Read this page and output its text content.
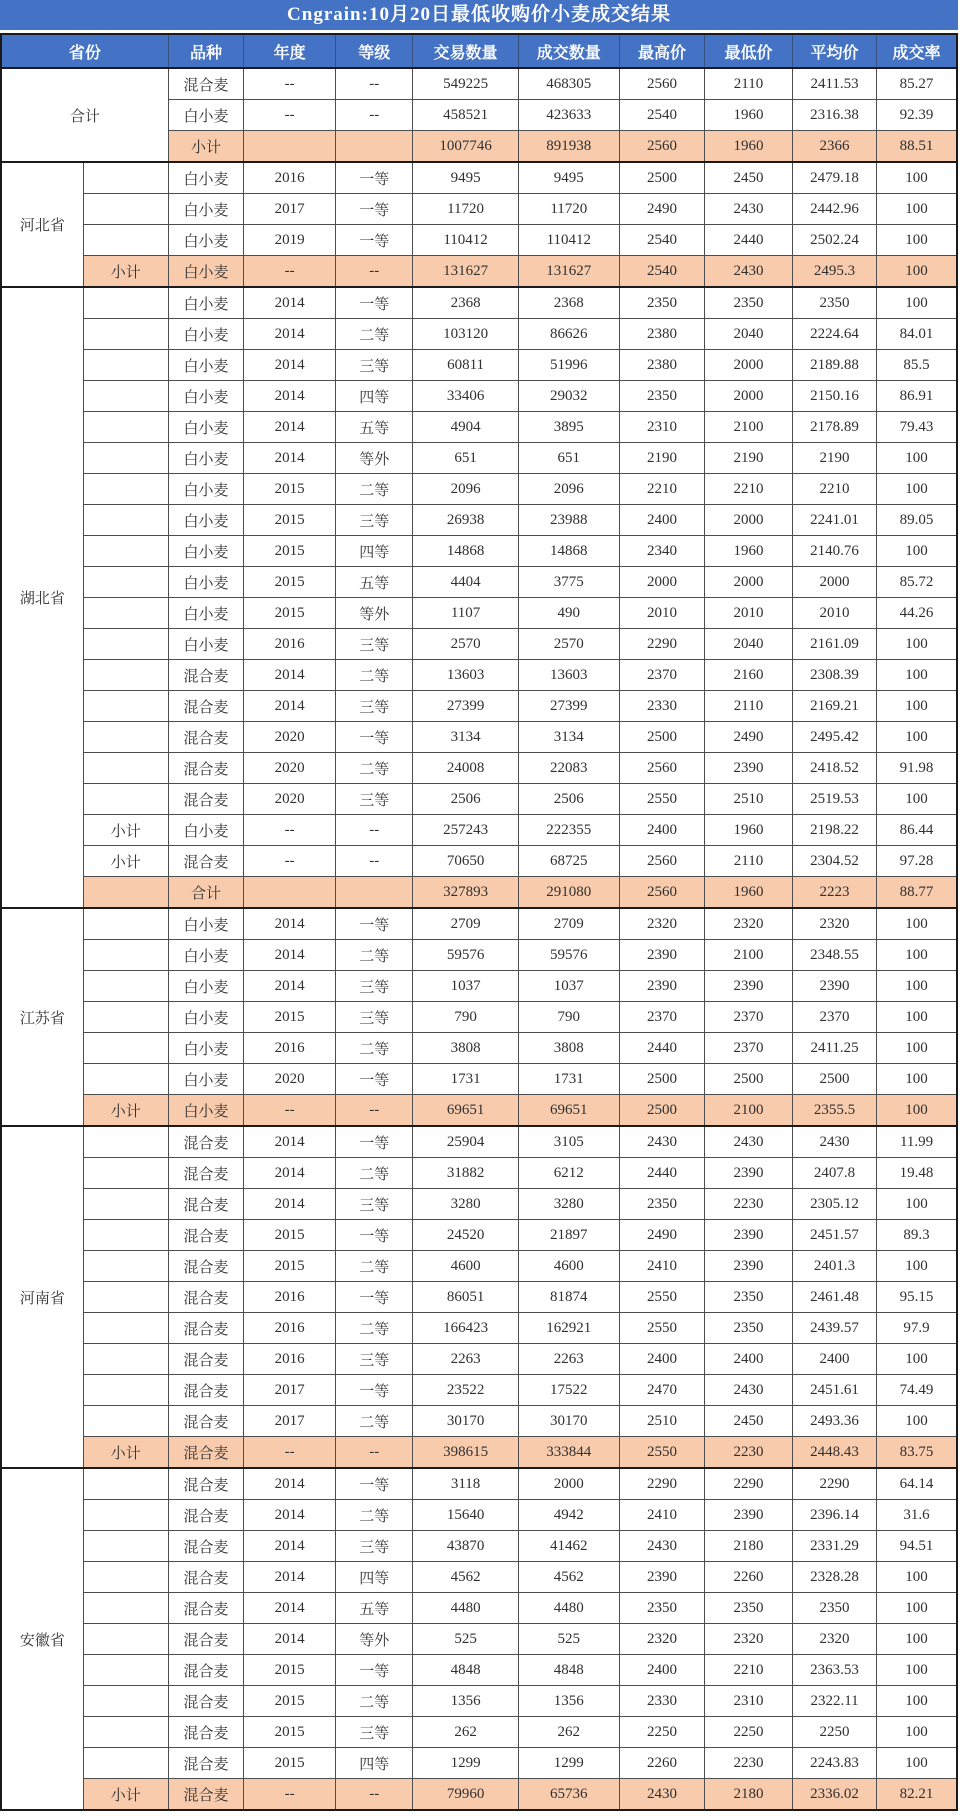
Cngrain:10月20日最低收购价小麦成交结果
省份		品种	年度	等级	交易数量	成交数量	最高价	最低价	平均价	成交率
合计		混合麦	--	--	549225	468305	2560	2110	2411.53	85.27
		白小麦	--	--	458521	423633	2540	1960	2316.38	92.39
		小计			1007746	891938	2560	1960	2366	88.51
河北省		白小麦	2016	一等	9495	9495	2500	2450	2479.18	100
		白小麦	2017	一等	11720	11720	2490	2430	2442.96	100
		白小麦	2019	一等	110412	110412	2540	2440	2502.24	100
	小计	白小麦	--	--	131627	131627	2540	2430	2495.3	100
湖北省		白小麦	2014	一等	2368	2368	2350	2350	2350	100
		白小麦	2014	二等	103120	86626	2380	2040	2224.64	84.01
		白小麦	2014	三等	60811	51996	2380	2000	2189.88	85.5
		白小麦	2014	四等	33406	29032	2350	2000	2150.16	86.91
		白小麦	2014	五等	4904	3895	2310	2100	2178.89	79.43
		白小麦	2014	等外	651	651	2190	2190	2190	100
		白小麦	2015	二等	2096	2096	2210	2210	2210	100
		白小麦	2015	三等	26938	23988	2400	2000	2241.01	89.05
		白小麦	2015	四等	14868	14868	2340	1960	2140.76	100
		白小麦	2015	五等	4404	3775	2000	2000	2000	85.72
		白小麦	2015	等外	1107	490	2010	2010	2010	44.26
		白小麦	2016	三等	2570	2570	2290	2040	2161.09	100
		混合麦	2014	二等	13603	13603	2370	2160	2308.39	100
		混合麦	2014	三等	27399	27399	2330	2110	2169.21	100
		混合麦	2020	一等	3134	3134	2500	2490	2495.42	100
		混合麦	2020	二等	24008	22083	2560	2390	2418.52	91.98
		混合麦	2020	三等	2506	2506	2550	2510	2519.53	100
	小计	白小麦	--	--	257243	222355	2400	1960	2198.22	86.44
	小计	混合麦	--	--	70650	68725	2560	2110	2304.52	97.28
		合计			327893	291080	2560	1960	2223	88.77
江苏省		白小麦	2014	一等	2709	2709	2320	2320	2320	100
		白小麦	2014	二等	59576	59576	2390	2100	2348.55	100
		白小麦	2014	三等	1037	1037	2390	2390	2390	100
		白小麦	2015	三等	790	790	2370	2370	2370	100
		白小麦	2016	二等	3808	3808	2440	2370	2411.25	100
		白小麦	2020	一等	1731	1731	2500	2500	2500	100
	小计	白小麦	--	--	69651	69651	2500	2100	2355.5	100
河南省		混合麦	2014	一等	25904	3105	2430	2430	2430	11.99
		混合麦	2014	二等	31882	6212	2440	2390	2407.8	19.48
		混合麦	2014	三等	3280	3280	2350	2230	2305.12	100
		混合麦	2015	一等	24520	21897	2490	2390	2451.57	89.3
		混合麦	2015	二等	4600	4600	2410	2390	2401.3	100
		混合麦	2016	一等	86051	81874	2550	2350	2461.48	95.15
		混合麦	2016	二等	166423	162921	2550	2350	2439.57	97.9
		混合麦	2016	三等	2263	2263	2400	2400	2400	100
		混合麦	2017	一等	23522	17522	2470	2430	2451.61	74.49
		混合麦	2017	二等	30170	30170	2510	2450	2493.36	100
	小计	混合麦	--	--	398615	333844	2550	2230	2448.43	83.75
安徽省		混合麦	2014	一等	3118	2000	2290	2290	2290	64.14
		混合麦	2014	二等	15640	4942	2410	2390	2396.14	31.6
		混合麦	2014	三等	43870	41462	2430	2180	2331.29	94.51
		混合麦	2014	四等	4562	4562	2390	2260	2328.28	100
		混合麦	2014	五等	4480	4480	2350	2350	2350	100
		混合麦	2014	等外	525	525	2320	2320	2320	100
		混合麦	2015	一等	4848	4848	2400	2210	2363.53	100
		混合麦	2015	二等	1356	1356	2330	2310	2322.11	100
		混合麦	2015	三等	262	262	2250	2250	2250	100
		混合麦	2015	四等	1299	1299	2260	2230	2243.83	100
	小计	混合麦	--	--	79960	65736	2430	2180	2336.02	82.21
